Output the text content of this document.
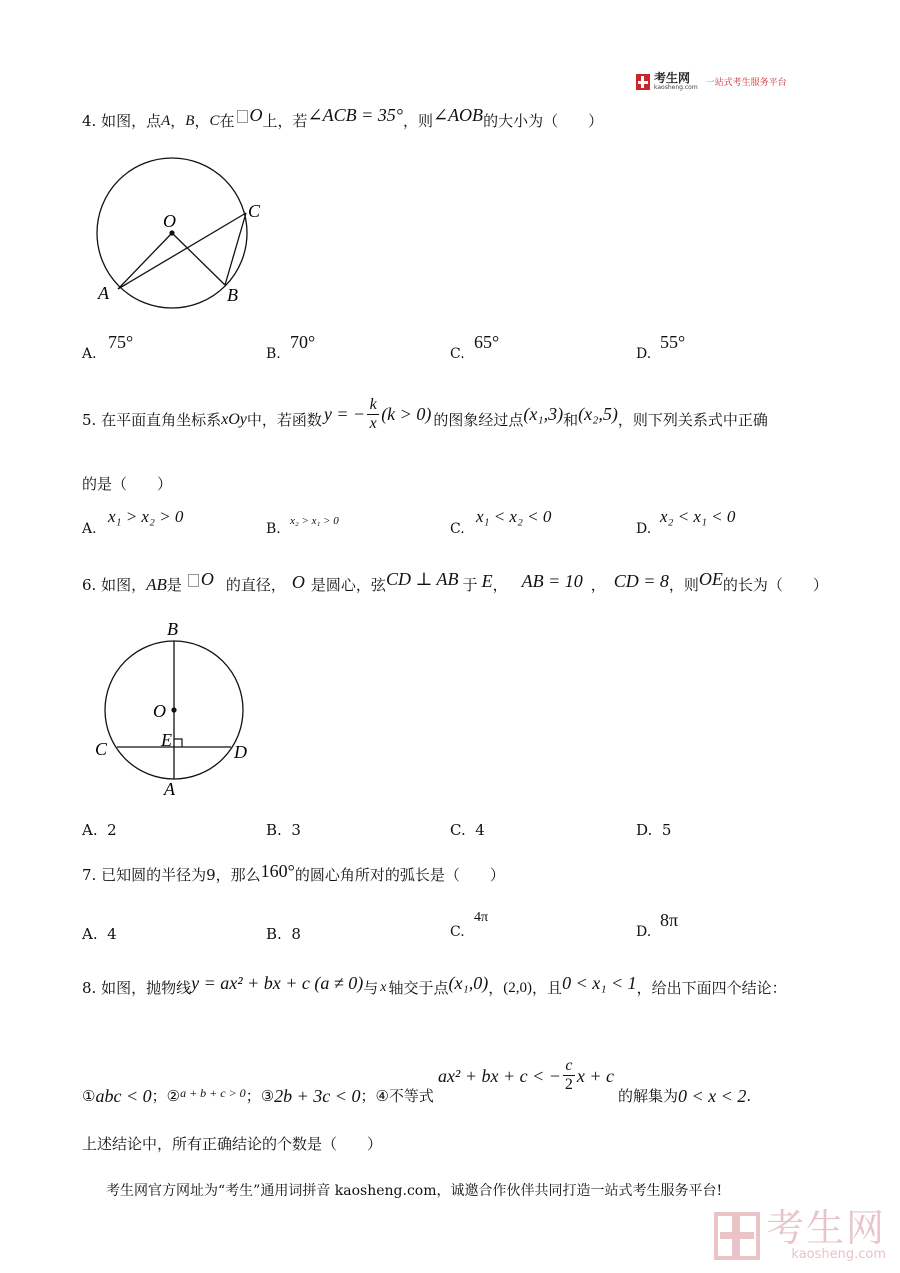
考生网
kaosheng.com 一站式考生服务平台
4.
如图，点 A ， B ， C 在 O 上，若 ∠ACB = 35° ，则 ∠AOB 的大小为（　　）
O
A	B
C
A.
75°
B.
70°
C.
65°
D.
55°
5.
在平面直角坐标系 xOy 中，若函数 y = − k
x (k > 0) 的图象经过点 (x₁,3) 和 (x₂,5) ，则下列关系式中正确
的是（　　）
A.
x₁ > x₂ > 0
B. x₂ > x₁ > 0	C.
x₁ < x₂ < 0
D.
x₂ < x₁ < 0
6.
如图， AB 是 O 的直径， O 是圆心，弦 CD ⊥ AB 于 E ， AB = 10 ， CD = 8 ，则 OE 的长为（　　）
B
O
E
C	D
A
A. 2	B. 3	C. 4	D. 5
7.
已知圆的半径为9，那么 160° 的圆心角所对的弧长是（　　）
A. 4	B. 8	C.
4π
D.
8π
8.
如图，抛物线 y = ax² + bx + c (a ≠ 0) 与 x 轴交于点 (x₁,0) ， (2,0) ，且 0 < x₁ < 1 ，给出下面四个结论：
① abc < 0 ； ② a + b + c > 0 ； ③ 2b + 3c < 0 ； ④ 不等式
ax² + bx + c < − c
2 x + c
的解集为 0 < x < 2 .
上述结论中，所有正确结论的个数是（　　）
考生网官方网址为“考生”通用词拼音 kaosheng.com，诚邀合作伙伴共同打造一站式考生服务平台!
考生网
kaosheng.com
